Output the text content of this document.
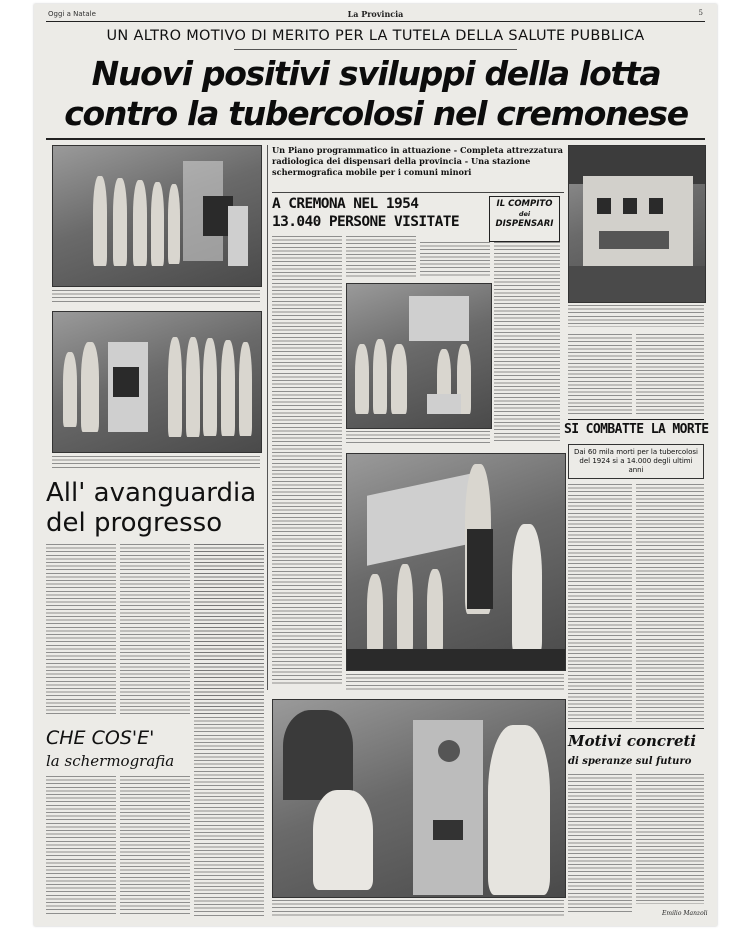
Oggi a Natale	La Provincia	5
UN ALTRO MOTIVO DI MERITO PER LA TUTELA DELLA SALUTE PUBBLICA
Nuovi positivi sviluppi della lotta
contro la tubercolosi nel cremonese
All' avanguardia
del progresso
CHE COS'E'
la schermografia
Un Piano programmatico in attuazione - Completa attrezzatura radiologica dei dispensari della provincia - Una stazione schermografica mobile per i comuni minori
A CREMONA NEL 1954
13.040 PERSONE VISITATE
IL COMPITO
dei
DISPENSARI
SI COMBATTE LA MORTE
Dai 60 mila morti per la tubercolosi del 1924 si a 14.000 degli ultimi anni
Motivi concreti
di speranze sul futuro
Emilio Manzoli
